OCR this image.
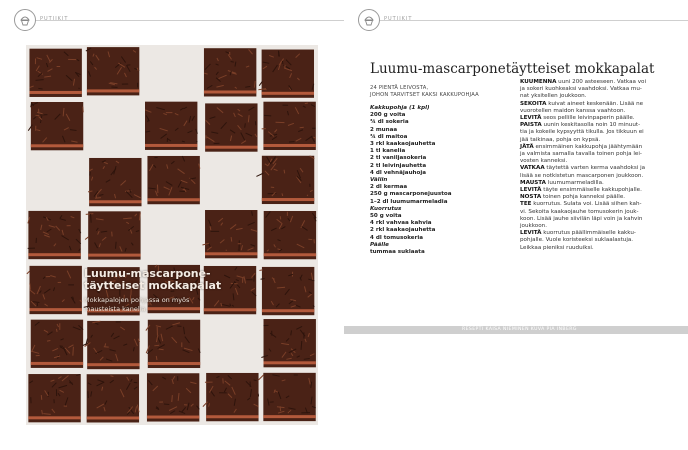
PUTIIKIT
Luumu-mascarpone-
täytteiset mokkapalat
Mokkapalojen pohjassa on myös
mausteista kanelia.
PUTIIKIT
Luumu-mascarponetäytteiset mokkapalat
24 PIENTÄ LEIVOSTA,
JOHON TARVITSET KAKSI KAKKUPOHJAA
Kakkupohja (1 kpl)
200 g voita
¾ dl sokeria
2 munaa
¾ dl maitoa
3 rkl kaakaojauhetta
1 tl kanelia
2 tl vaniljasokeria
2 tl leivinjauhetta
4 dl vehnäjauhoja
Väliin
2 dl kermaa
250 g mascarponejuustoa
1–2 dl luumumarmeladia
Kuorrutus
50 g voita
4 rkl vahvaa kahvia
2 rkl kaakaojauhetta
4 dl tomusokeria
Päälle
tummaa suklaata
KUUMENNA uuni 200 asteeseen. Vatkaa voi
ja sokeri kuohkeaksi vaahdoksi. Vatkaa mu-
nat yksitellen joukkoon.
SEKOITA kuivat aineet keskenään. Lisää ne
vuorotellen maidon kanssa vaahtoon.
LEVITÄ seos pellille leivinpaperin päälle.
PAISTA uunin keskitasolla noin 10 minuut-
tia ja kokeile kypsyyttä tikulla. Jos tikkuun ei
jää taikinaa, pohja on kypsä.
JÄTÄ ensimmäinen kakkupohja jäähtymään
ja valmista samalla tavalla toinen pohja lei-
vosten kanneksi.
VATKAA täytettä varten kerma vaahdoksi ja
lisää se notkistetun mascarponen joukkoon.
MAUSTA luumumarmeladilla.
LEVITÄ täyte ensimmäiselle kakkupohjalle.
NOSTA toinen pohja kanneksi päälle.
TEE kuorrutus. Sulata voi. Lisää siihen kah-
vi. Sekoita kaakaojauhe tomusokerin jouk-
koon. Lisää jauhe siivilän läpi voin ja kahvin
joukkoon.
LEVITÄ kuorrutus päällimmäiselle kakku-
pohjalle. Vuole koristeeksi suklaalastuja.
Leikkaa pieniksi ruuduiksi.
RESEPTI KAISA NIEMINEN KUVA PIA INBERG
